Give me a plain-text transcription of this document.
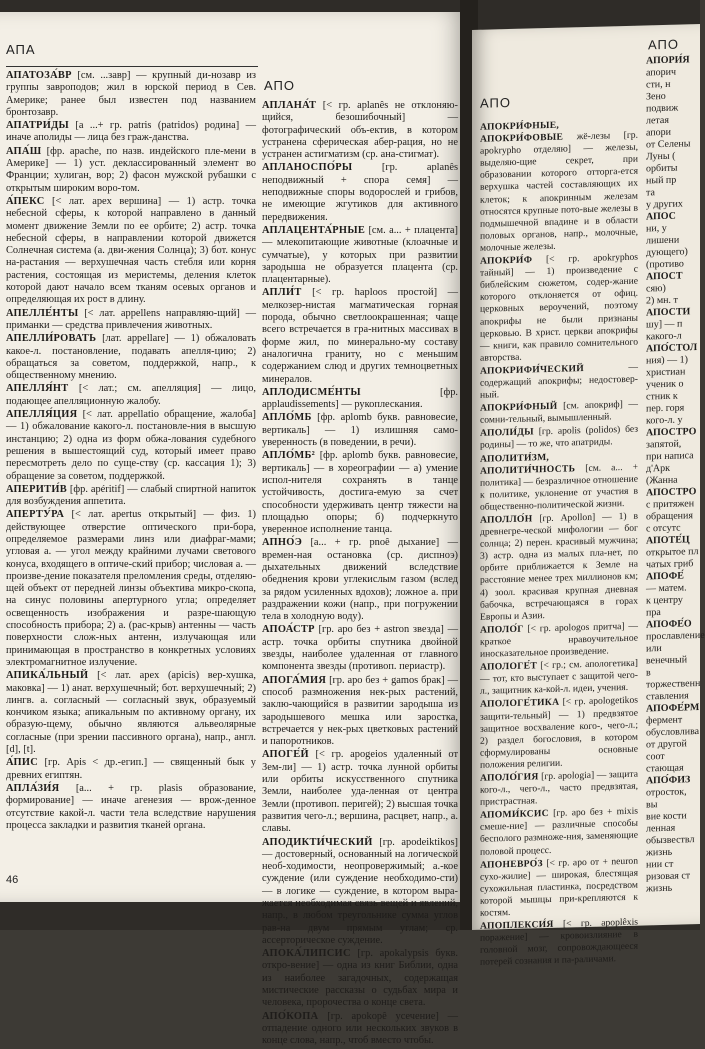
АПА
АПО

АПАТОЗА́ВР [см. ...завр] — крупный ди-нозавр из группы завроподов; жил в юрской период в Сев. Америке; ранее был известен под названием бронтозавр.

АПАТРИ́ДЫ [а ...+ гр. patris (patridos) родина] — иначе аполиды — лица без граж-данства.

АПА́Ш [фр. apache, по назв. индейского пле-мени в Америке] — 1) уст. деклассированный элемент во Франции; хулиган, вор; 2) фасон мужской рубашки с открытым широким воро-том.

А́ПЕКС [< лат. apex вершина] — 1) астр. точка небесной сферы, к которой направлено в данный момент движение Земли по ее орбите; 2) астр. точка небесной сферы, в направлении которой движется Солнечная система (а. дви-жения Солнца); 3) бот. конус на-растания — верхушечная часть стебля или корня растения, состоящая из меристемы, деления клеток которой дают начало всем тканям осевых органов и определяющая их рост в длину.

АПЕЛЛЕ́НТЫ [< лат. appellens направляю-щий] — приманки — средства привлечения животных.

АПЕЛЛИ́РОВАТЬ [лат. appellare] — 1) обжаловать какое-л. постановление, подавать апелля-цию; 2) обращаться за советом, поддержкой, напр., к общественному мнению.

АПЕЛЛЯ́НТ [< лат.; см. апелляция] — лицо, подающее апелляционную жалобу.

АПЕЛЛЯ́ЦИЯ [< лат. appellatio обращение, жалоба] — 1) обжалование какого-л. постановле-ния в высшую инстанцию; 2) одна из форм обжа-лования судебного решения в вышестоящий суд, который имеет право пересмотреть дело по суще-ству (ср. кассация 1); 3) обращение за советом, поддержкой.

АПЕРИТИ́В [фр. apéritif] — слабый спиртной напиток для возбуждения аппетита.

АПЕРТУ́РА [< лат. apertus открытый] — физ. 1) действующее отверстие оптического при-бора, определяемое размерами линз или диафраг-мами; угловая а. — угол между крайними лучами светового конуса, входящего в оптиче-ский прибор; числовая а. — произве-дение показателя преломления среды, отделяю-щей объект от передней линзы объектива микро-скопа, на синус половины апертурного угла; определяет освещенность изображения и разре-шающую способность прибора; 2) а. (рас-крыв) антенны — часть поверхности слож-ных антенн, излучающая или принимающая в пространство в конкретных условиях электромагнитное излучение.

АПИКА́ЛЬНЫЙ [< лат. apex (apicis) вер-хушка, маковка] — 1) анат. верхушечный; бот. верхушечный; 2) лингв. а. согласный — согласный звук, образуемый кончиком языка; апикальным по активному органу, их образую-щему, обычно являются альвеолярные согласные (при зрении пассивного органа), напр., англ. [d], [t].

А́ПИС [гр. Apis < др.-егип.] — священный бык у древних египтян.

АПЛА́ЗИ́Я [а... + гр. plasis образование, формирование] — иначе агенезия — врож-денное отсутствие какой-л. части тела вследствие нарушения процесса закладки и развития тканей органа.

АПЛАНА́Т [< гр. aplanês не отклоняю-щийся, безошибочный] — фотографический объ-ектив, в котором устранена сферическая абер-рация, но не устранен астигматизм (ср. ана-стигмат).

АПЛАНОСПО́РЫ [гр. aplanês неподвижный + спора семя] — неподвижные споры водорослей и грибов, не имеющие жгутиков для активного передвижения.

АПЛАЦЕНТА́РНЫЕ [см. а... + плацента] — млекопитающие животные (клоачные и сумчатые), у которых при развитии зародыша не образуется плацента (ср. плацентарные).

АПЛИ́Т [< гр. haploos простой] — мелкозер-нистая магматическая горная порода, обычно светлоокрашенная; чаще всего встречается в гра-нитных массивах в форме жил, по минерально-му составу аналогична граниту, но с меньшим содержанием слюд и других темноцветных минералов.

АПЛОДИСМЕ́НТЫ [фр. applaudissements] — рукоплескания.

АПЛО́МБ [фр. aplomb букв. равновесие, вертикаль] — 1) излишняя само-уверенность (в поведении, в речи).

АПЛО́МБ² [фр. aplomb букв. равновесие, вертикаль] — в хореографии — а) умение испол-нителя сохранять в танце устойчивость, достига-емую за счет способности удерживать центр тяжести на площадью опоры; б) подчеркнуто уверенное исполнение танца.

АПНО́Э [а... + гр. pnoê дыхание] — времен-ная остановка (ср. диспноэ) дыхательных движений вследствие обеднения крови углекислым газом (вслед за рядом усиленных вдохов); ложное а. при раздражении кожи (напр., при погружении тела в холодную воду).

АПОА́СТР [гр. apo без + astron звезда] — астр. точка орбиты спутника двойной звезды, наиболее удаленная от главного компонента звезды (противоп. периастр).

АПОГА́МИЯ [гр. apo без + gamos брак] — способ размножения нек-рых растений, заклю-чающийся в развитии зародыша из зародышевого мешка или заростка, встречается у нек-рых цветковых растений и папоротников.

АПОГЕ́Й [< гр. apogeios удаленный от Зем-ли] — 1) астр. точка лунной орбиты или орбиты искусственного спутника Земли, наиболее уда-ленная от центра Земли (противоп. перигей); 2) высшая точка развития чего-л.; вершина, расцвет, напр., а. славы.

АПОДИКТИ́ЧЕСКИЙ [гр. apodeiktikos] — достоверный, основанный на логической необ-ходимости, неопровержимый; а.-кое суждение (или суждение необходимо-сти) — в логике — суждение, в котором выра-жается необходимая связь вещей и явлений, напр., в любом треугольнике сумма углов рав-на двум прямым углам; ср. ассерторическое суждение.

АПОКА́ЛИПСИС [гр. apokalypsis букв. откро-вение] — одна из книг Библии, одна из наиболее загадочных, содержащая мистические рассказы о судьбах мира и человека, пророчества о конце света.

АПО́КОПА [гр. apokopê усечение] — отпадение одного или нескольких звуков в конце слова, напр., чтоб вместо чтобы.

46
АПО
АПО

АПОКРИ́ФНЫЕ, АПОКРИ́ФОВЫЕ жё-лезы [гр. apokrypho отделяю] — железы, выделяю-щие секрет, при образовании которого отторга-ется верхушка частей составляющих их клеток; к апокринным железам относятся крупные пото-вые железы в подмышечной впадине и в области половых органов, напр., молочные, молочные железы.

АПОКРИ́Ф [< гр. apokryphos тайный] — 1) произведение с библейским сюжетом, содер-жание которого отклоняется от офиц. церковных вероучений, поэтому апокрифы не были признаны церковью. В христ. церкви апокрифы — книги, как правило сомнительного авторства.

АПОКРИФИ́ЧЕСКИЙ — содержащий апокрифы; недостовер-ный.

АПОКРИ́ФНЫЙ [см. апокриф] — сомни-тельный, вымышленный.

АПОЛИ́ДЫ [гр. apolis (polidos) без родины] — то же, что апатриды.

АПОЛИТИ́ЗМ, АПОЛИТИ́ЧНОСТЬ [см. а... + политика] — безразличное отношение к политике, уклонение от участия в общественно-политической жизни.

АПОЛЛО́Н [гр. Apollon] — 1) в древнегре-ческой мифологии — бог солнца; 2) перен. красивый мужчина; 3) астр. одна из малых пла-нет, по орбите приближается к Земле на расстояние менее трех миллионов км; 4) зоол. красивая крупная дневная бабочка, встречающаяся в горах Европы и Азии.

АПОЛО́Г [< гр. apologos притча] — краткое нравоучительное иносказательное произведение.

АПОЛОГЕ́Т [< гр.; см. апологетика] — тот, кто выступает с защитой чего-л., защитник ка-кой-л. идеи, учения.

АПОЛОГЕ́ТИКА [< гр. apologetikos защити-тельный] — 1) предвзятое защитное восхваление кого-, чего-л.; 2) раздел богословия, в котором сформулированы основные положения религии.

АПОЛО́ГИЯ [гр. apologia] — защита кого-л., чего-л., часто предвзятая, пристрастная.

АПОМИ́КСИС [гр. apo без + mixis смеше-ние] — различные способы бесполого размноже-ния, заменяющие половой процесс.

АПОНЕВРО́З [< гр. apo от + neuron сухо-жилие] — широкая, блестящая сухожильная пластинка, посредством которой мышцы при-крепляются к костям.

АПОПЛЕКСИ́Я [< гр. apoplêxis поражение] — кровоизлияние в головной мозг, сопровождающееся потерей сознания и па-раличами.

АПОРИ́Я
апорич
сти, н
Зено
подвиж
летая
апори
от Селены
Луны (
орбиты
ный пр
та
у других
АПОС
ни, у
лишени
дующего)
(противо
АПОСТ
сяю)
2) мн. т
АПОСТИ
шу] — п
какого-л
АПО́СТОЛ
ния) — 1)
христиан
ученик о
стник к
пер. горя
кого-л. у
АПОСТРО
запятой,
при написа
д'Арк (Жанна
АПОСТРО
с притяжен
обращения
с отсутс
АПОТЕ́Ц
открытое пл
чатых гриб
АПОФЕ́
— матем.
к центру пра
АПОФЕ́О
прославление
или
венечный
в торжественн
ставления
АПОФЕ́РМ
фермент
обусловлива
от другой соот
стающая
АПО́ФИЗ
отросток, вы
вие кости
ленная обызвествл
жизнь
нии ст
ризовая ст
жизнь
